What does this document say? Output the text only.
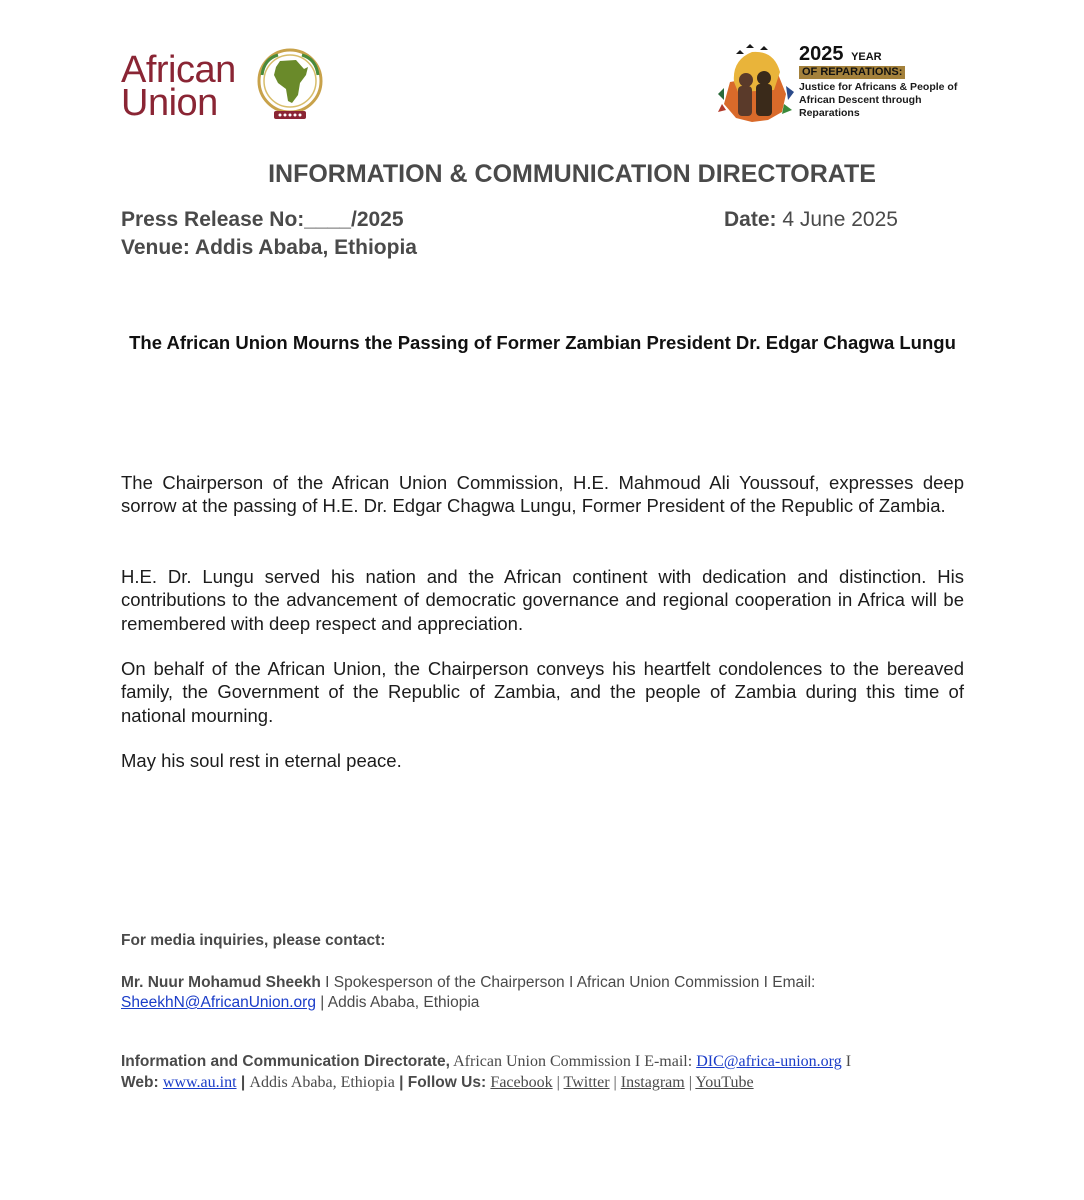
African
Union
2025 YEAR
OF REPARATIONS:
Justice for Africans & People of African Descent through Reparations
INFORMATION & COMMUNICATION DIRECTORATE
Press Release No:____/2025
Venue: Addis Ababa, Ethiopia
Date: 4 June 2025
The African Union Mourns the Passing of Former Zambian President Dr. Edgar Chagwa Lungu
The Chairperson of the African Union Commission, H.E. Mahmoud Ali Youssouf, expresses deep sorrow at the passing of H.E. Dr. Edgar Chagwa Lungu, Former President of the Republic of Zambia.
H.E. Dr. Lungu served his nation and the African continent with dedication and distinction. His contributions to the advancement of democratic governance and regional cooperation in Africa will be remembered with deep respect and appreciation.
On behalf of the African Union, the Chairperson conveys his heartfelt condolences to the bereaved family, the Government of the Republic of Zambia, and the people of Zambia during this time of national mourning.
May his soul rest in eternal peace.
For media inquiries, please contact:
Mr. Nuur Mohamud Sheekh I Spokesperson of the Chairperson I African Union Commission I Email:
SheekhN@AfricanUnion.org | Addis Ababa, Ethiopia
Information and Communication Directorate, African Union Commission I E-mail: DIC@africa-union.org I
Web: www.au.int | Addis Ababa, Ethiopia | Follow Us: Facebook | Twitter | Instagram | YouTube
